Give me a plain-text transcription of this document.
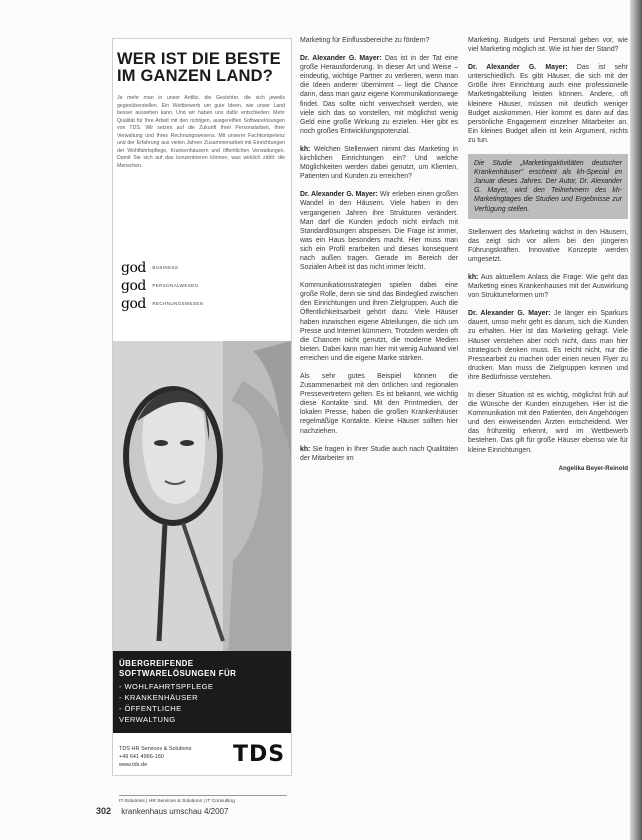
WER IST DIE BESTE IM GANZEN LAND?
Je mehr man in unser Antlitz, die Gesichter, die sich jeweils gegenüberstellen. Ein Wettbewerb um gute Ideen, wie unser Land besser aussehen kann. Und wir haben uns dafür entschieden: Mehr Qualität für Ihre Arbeit mit den richtigen, ausgereiften Softwarelösungen von TDS. Wir setzen auf die Zukunft Ihrer Personalarbeit, Ihrer Verwaltung und Ihres Rechnungswesens. Mit unserer Fachkompetenz und der Erfahrung aus vielen Jahren Zusammenarbeit mit Einrichtungen der Wohlfahrtspflege, Krankenhäusern und öffentlichen Verwaltungen. Damit Sie sich auf das konzentrieren können, was wirklich zählt: die Menschen.
god BUSINESS
god PERSONALWESEN
god RECHNUNGSWESEN
ÜBERGREIFENDE SOFTWARELÖSUNGEN FÜR
- WOHLFAHRTSPFLEGE
- KRANKENHÄUSER
- ÖFFENTLICHE
VERWALTUNG
TDS HR Services & Solutions
+49 641 4966-160
www.tds.de	TDS
IT-Solutions | HR Services & Solutions | IT Consulting

Marketing für Einflussbereiche zu fördern?

Dr. Alexander G. Mayer: Das ist in der Tat eine große Herausforderung. In dieser Art und Weise – eindeutig, wichtige Partner zu verlieren, wenn man die Ideen anderer übernimmt – liegt die Chance darin, dass man ganz eigene Kommunikationswege findet. Das sollte nicht verwechselt werden, wie viele sich das so vorstellen, mit möglichst wenig Geld eine große Wirkung zu erzielen. Hier gibt es noch großes Entwicklungspotenzial.

kh: Welchen Stellenwert nimmt das Marketing in kirchlichen Einrichtungen ein? Und welche Möglichkeiten werden dabei genutzt, um Klienten, Patienten und Kunden zu erreichen?

Dr. Alexander G. Mayer: Wir erleben einen großen Wandel in den Häusern. Viele haben in den vergangenen Jahren ihre Strukturen verändert. Man darf die Kunden jedoch nicht einfach mit Standardlösungen abspeisen. Die Frage ist immer, was ein Haus besonders macht. Hier muss man sich ein Profil erarbeiten und dieses konsequent nach außen tragen. Gerade im Bereich der Sozialen Arbeit ist das nicht immer leicht.

Kommunikationsstrategien spielen dabei eine große Rolle, denn sie sind das Bindeglied zwischen den Einrichtungen und ihren Zielgruppen. Auch die Öffentlichkeitsarbeit gehört dazu. Viele Häuser haben inzwischen eigene Abteilungen, die sich um Presse und Internet kümmern. Trotzdem werden oft die Chancen nicht genutzt, die moderne Medien bieten. Dabei kann man hier mit wenig Aufwand viel erreichen und die eigene Marke stärken.

Als sehr gutes Beispiel können die Zusammenarbeit mit den örtlichen und regionalen Pressevertretern gelten. Es ist bekannt, wie wichtig diese Kontakte sind. Mit den Printmedien, der lokalen Presse, haben die großen Krankenhäuser regelmäßige Kontakte. Kleine Häuser sollten hier nachziehen.

kh: Sie fragen in Ihrer Studie auch nach Qualitäten der Mitarbeiter im

Marketing. Budgets und Personal geben vor, wie viel Marketing möglich ist. Wie ist hier der Stand?

Dr. Alexander G. Mayer: Das ist sehr unterschiedlich. Es gibt Häuser, die sich mit der Größe ihrer Einrichtung auch eine professionelle Marketingabteilung leisten können. Andere, oft kleinere Häuser, müssen mit deutlich weniger Budget auskommen. Hier kommt es dann auf das persönliche Engagement einzelner Mitarbeiter an. Ein kleines Budget allein ist kein Argument, nichts zu tun.

Die Studie „Marketingaktivitäten deutscher Krankenhäuser" erscheint als kh-Special im Januar dieses Jahres. Der Autor, Dr. Alexander G. Mayer, wird den Teilnehmern des kh-Marketingtages die Studien und Ergebnisse zur Verfügung stellen.

Stellenwert des Marketing wächst in den Häusern, das zeigt sich vor allem bei den jüngeren Führungskräften. Innovative Konzepte werden umgesetzt.

kh: Aus aktuellem Anlass die Frage: Wie geht das Marketing eines Krankenhauses mit der Auswirkung von Strukturreformen um?

Dr. Alexander G. Mayer: Je länger ein Sparkurs dauert, umso mehr geht es darum, sich die Kunden zu erhalten. Hier ist das Marketing gefragt. Viele Häuser verstehen aber noch nicht, dass man hier strategisch denken muss. Es reicht nicht, nur die Pressearbeit zu machen oder einen neuen Flyer zu drucken. Man muss die Zielgruppen kennen und ihre Bedürfnisse verstehen.

In dieser Situation ist es wichtig, möglichst früh auf die Wünsche der Kunden einzugehen. Hier ist die Kommunikation mit den Patienten, den Angehörigen und den einweisenden Ärzten entscheidend. Wer das frühzeitig erkennt, wird im Wettbewerb bestehen. Das gilt für große Häuser ebenso wie für kleine Einrichtungen.

Angelika Beyer-Reinold
302 krankenhaus umschau 4/2007
